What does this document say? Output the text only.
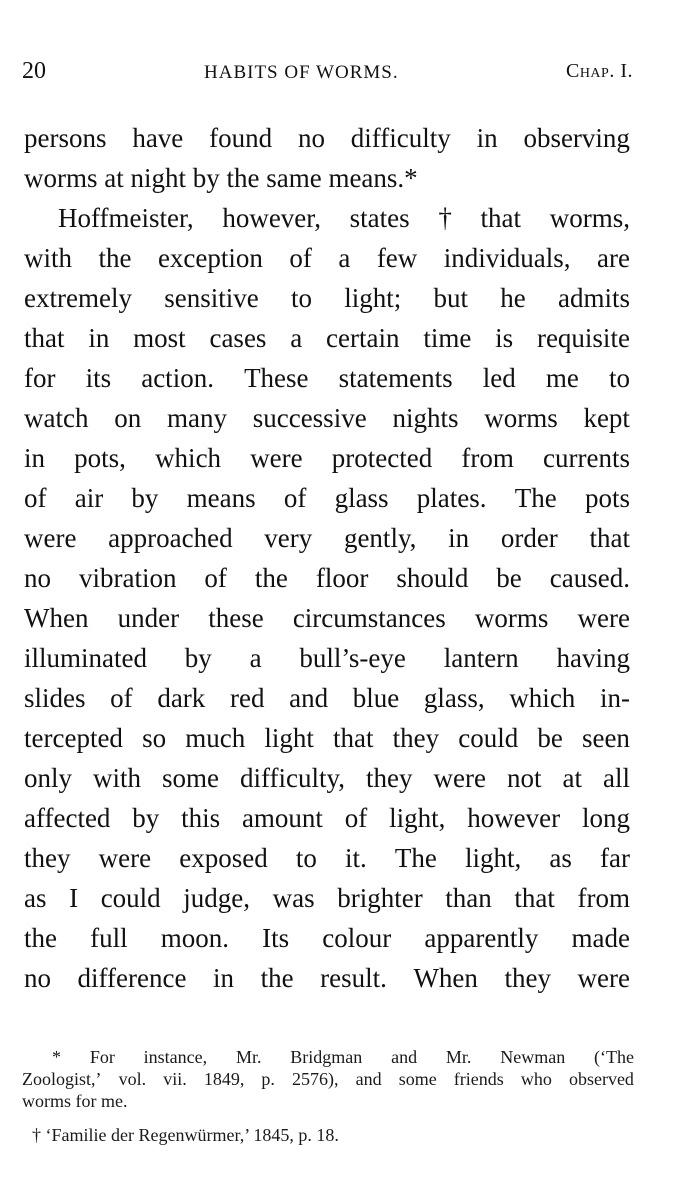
20	HABITS OF WORMS.	Chap. I.
persons have found no difficulty in observing
worms at night by the same means.*
Hoffmeister, however, states † that worms,
with the exception of a few individuals, are
extremely sensitive to light; but he admits
that in most cases a certain time is requisite
for its action. These statements led me to
watch on many successive nights worms kept
in pots, which were protected from currents
of air by means of glass plates. The pots
were approached very gently, in order that
no vibration of the floor should be caused.
When under these circumstances worms were
illuminated by a bull’s-eye lantern having
slides of dark red and blue glass, which in-
tercepted so much light that they could be seen
only with some difficulty, they were not at all
affected by this amount of light, however long
they were exposed to it. The light, as far
as I could judge, was brighter than that from
the full moon. Its colour apparently made
no difference in the result. When they were
* For instance, Mr. Bridgman and Mr. Newman (‘The
Zoologist,’ vol. vii. 1849, p. 2576), and some friends who observed
worms for me.
† ‘Familie der Regenwürmer,’ 1845, p. 18.
